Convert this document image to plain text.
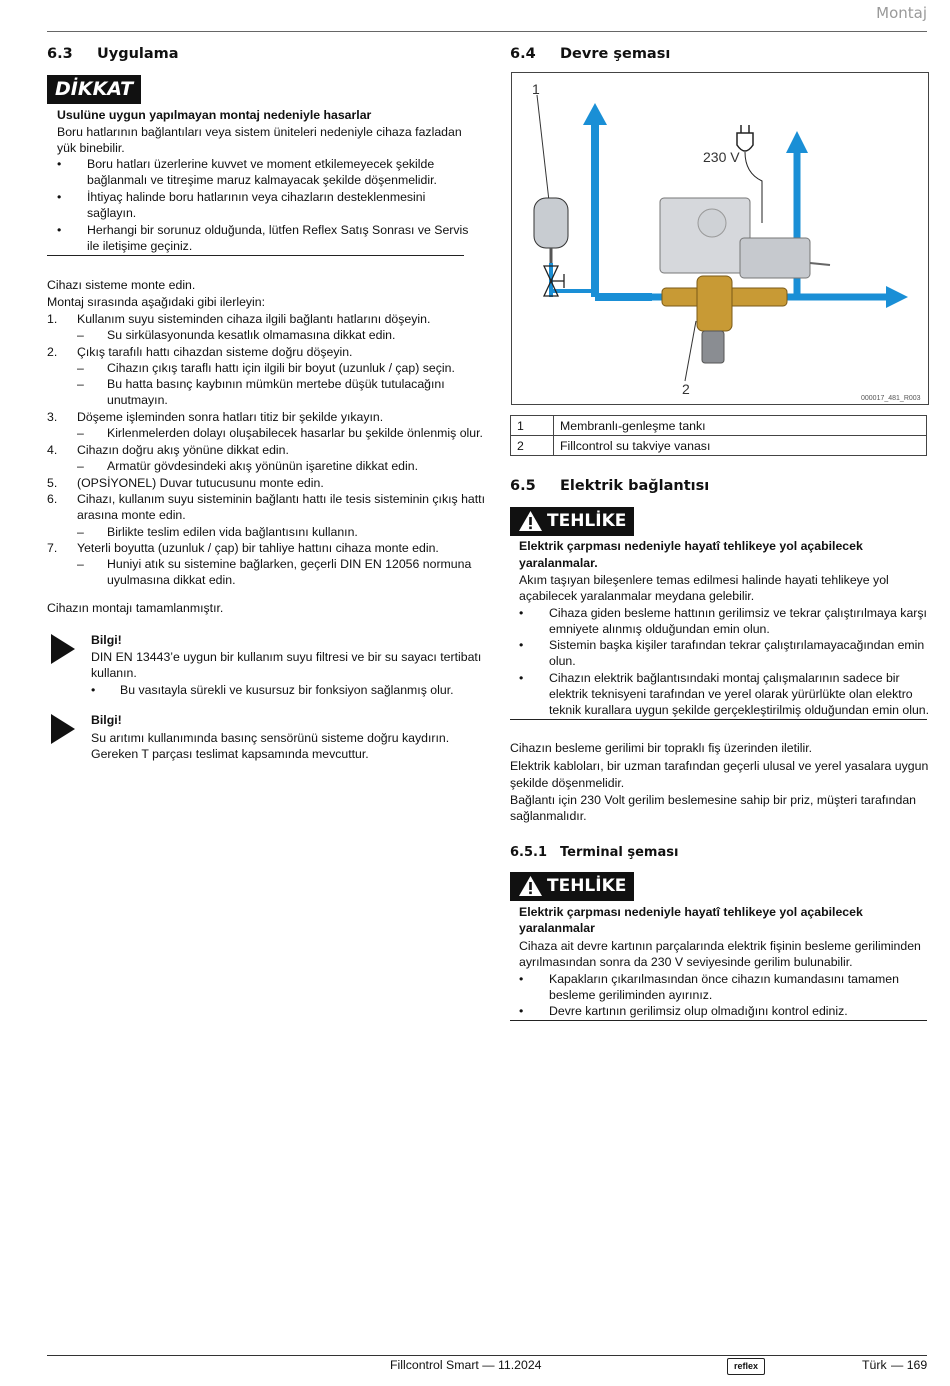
Montaj
6.3 Uygulama
DİKKAT
Usulüne uygun yapılmayan montaj nedeniyle hasarlar
Boru hatlarının bağlantıları veya sistem üniteleri nedeniyle cihaza fazladan
yük binebilir.
• Boru hatları üzerlerine kuvvet ve moment etkilemeyecek şekilde
bağlanmalı ve titreşime maruz kalmayacak şekilde döşenmelidir.
• İhtiyaç halinde boru hatlarının veya cihazların desteklenmesini
sağlayın.
• Herhangi bir sorunuz olduğunda, lütfen Reflex Satış Sonrası ve Servis
ile iletişime geçiniz.
Cihazı sisteme monte edin.
Montaj sırasında aşağıdaki gibi ilerleyin:
1. Kullanım suyu sisteminden cihaza ilgili bağlantı hatlarını döşeyin.
– Su sirkülasyonunda kesatlık olmamasına dikkat edin.
2. Çıkış tarafılı hattı cihazdan sisteme doğru döşeyin.
– Cihazın çıkış taraflı hattı için ilgili bir boyut (uzunluk / çap) seçin.
– Bu hatta basınç kaybının mümkün mertebe düşük tutulacağını
unutmayın.
3. Döşeme işleminden sonra hatları titiz bir şekilde yıkayın.
– Kirlenmelerden dolayı oluşabilecek hasarlar bu şekilde önlenmiş olur.
4. Cihazın doğru akış yönüne dikkat edin.
– Armatür gövdesindeki akış yönünün işaretine dikkat edin.
5. (OPSİYONEL) Duvar tutucusunu monte edin.
6. Cihazı, kullanım suyu sisteminin bağlantı hattı ile tesis sisteminin çıkış hattı
arasına monte edin.
– Birlikte teslim edilen vida bağlantısını kullanın.
7. Yeterli boyutta (uzunluk / çap) bir tahliye hattını cihaza monte edin.
– Huniyi atık su sistemine bağlarken, geçerli DIN EN 12056 normuna
uyulmasına dikkat edin.
Cihazın montajı tamamlanmıştır.
Bilgi!
DIN EN 13443’e uygun bir kullanım suyu filtresi ve bir su sayacı tertibatı
kullanın.
• Bu vasıtayla sürekli ve kusursuz bir fonksiyon sağlanmış olur.
Bilgi!
Su arıtımı kullanımında basınç sensörünü sisteme doğru kaydırın.
Gereken T parçası teslimat kapsamında mevcuttur.
6.4 Devre şeması
1
2
230 V
000017_481_R003
1	Membranlı-genleşme tankı
2	Fillcontrol su takviye vanası
6.5 Elektrik bağlantısı
TEHLİKE
Elektrik çarpması nedeniyle hayatî tehlikeye yol açabilecek
yaralanmalar.
Akım taşıyan bileşenlere temas edilmesi halinde hayati tehlikeye yol
açabilecek yaralanmalar meydana gelebilir.
• Cihaza giden besleme hattının gerilimsiz ve tekrar çalıştırılmaya karşı
emniyete alınmış olduğundan emin olun.
• Sistemin başka kişiler tarafından tekrar çalıştırılamayacağından emin
olun.
• Cihazın elektrik bağlantısındaki montaj çalışmalarının sadece bir
elektrik teknisyeni tarafından ve yerel olarak yürürlükte olan elektro
teknik kurallara uygun şekilde gerçekleştirilmiş olduğundan emin olun.
Cihazın besleme gerilimi bir topraklı fiş üzerinden iletilir.
Elektrik kabloları, bir uzman tarafından geçerli ulusal ve yerel yasalara uygun
şekilde döşenmelidir.
Bağlantı için 230 Volt gerilim beslemesine sahip bir priz, müşteri tarafından
sağlanmalıdır.
6.5.1 Terminal şeması
TEHLİKE
Elektrik çarpması nedeniyle hayatî tehlikeye yol açabilecek
yaralanmalar
Cihaza ait devre kartının parçalarında elektrik fişinin besleme geriliminden
ayrılmasından sonra da 230 V seviyesinde gerilim bulunabilir.
• Kapakların çıkarılmasından önce cihazın kumandasını tamamen
besleme geriliminden ayırınız.
• Devre kartının gerilimsiz olup olmadığını kontrol ediniz.
Fillcontrol Smart — 11.2024	reflex	Türk — 169
